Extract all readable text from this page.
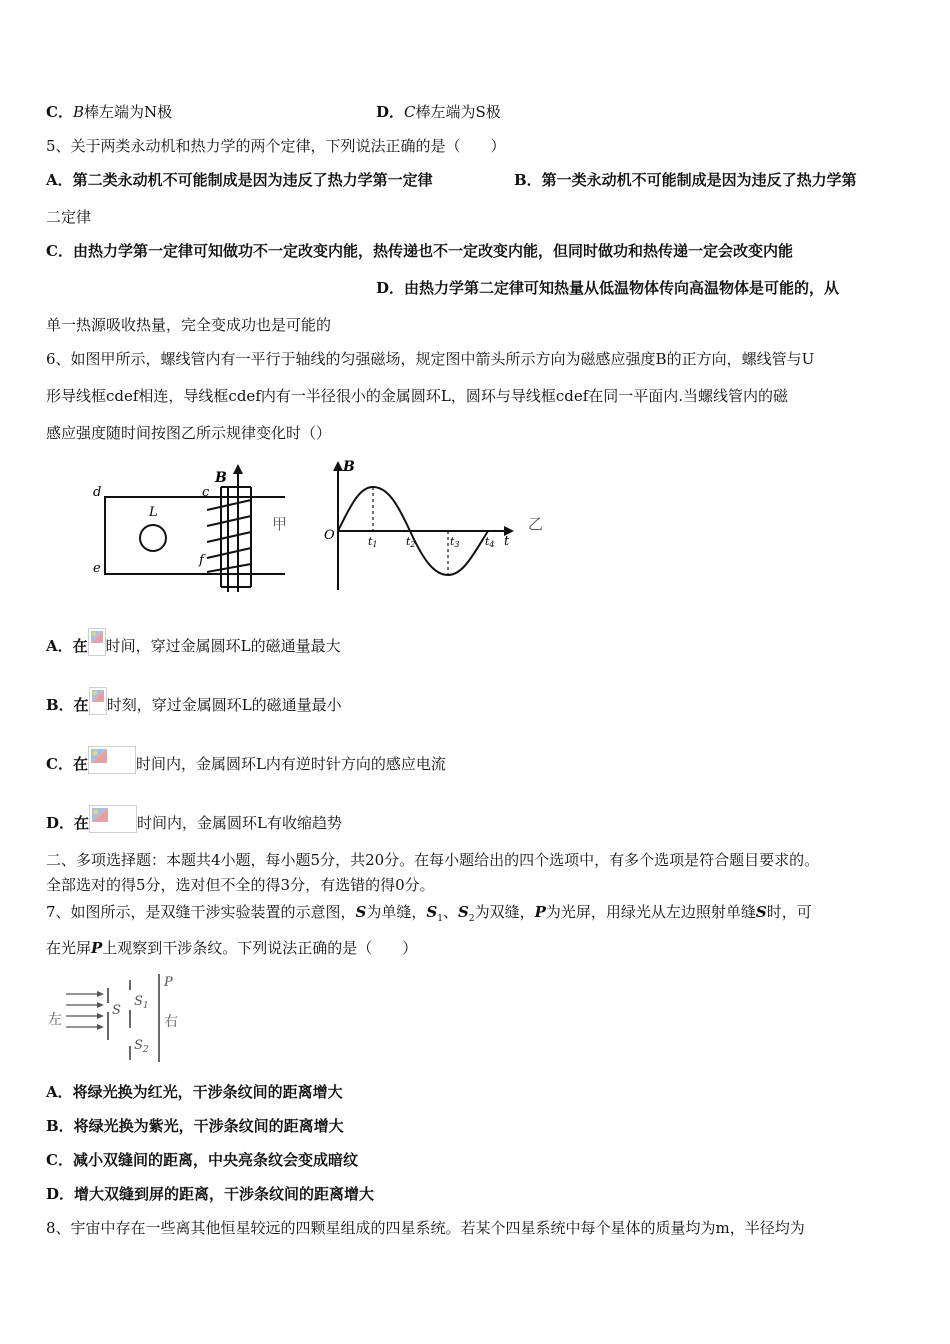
C．B棒左端为Ν极	D．C棒左端为S极
5、关于两类永动机和热力学的两个定律，下列说法正确的是（　　）
A．第二类永动机不可能制成是因为违反了热力学第一定律	B．第一类永动机不可能制成是因为违反了热力学第
二定律
C．由热力学第一定律可知做功不一定改变内能，热传递也不一定改变内能，但同时做功和热传递一定会改变内能
D．由热力学第二定律可知热量从低温物体传向高温物体是可能的，从
单一热源吸收热量，完全变成功也是可能的
6、如图甲所示，螺线管内有一平行于轴线的匀强磁场，规定图中箭头所示方向为磁感应强度B的正方向，螺线管与U
形导线框cdef相连，导线框cdef内有一半径很小的金属圆环L，圆环与导线框cdef在同一平面内.当螺线管内的磁
感应强度随时间按图乙所示规律变化时（）
d	c
e
f
L
B
甲
B
O	t
t1	t2	t3 t4
乙
A．在 时间，穿过金属圆环L的磁通量最大
B．在 时刻，穿过金属圆环L的磁通量最小
C．在	时间内，金属圆环L内有逆时针方向的感应电流
D．在	时间内，金属圆环L有收缩趋势
二、多项选择题：本题共4小题，每小题5分，共20分。在每小题给出的四个选项中，有多个选项是符合题目要求的。
全部选对的得5分，选对但不全的得3分，有选错的得0分。
7、如图所示，是双缝干涉实验装置的示意图，S为单缝，$S_1$、$S_2$为双缝，P为光屏，用绿光从左边照射单缝S时，可
在光屏P上观察到干涉条纹。下列说法正确的是（　　）
左
S
$S_1$
$S_2$
P
右
A．将绿光换为红光，干涉条纹间的距离增大
B．将绿光换为紫光，干涉条纹间的距离增大
C．减小双缝间的距离，中央亮条纹会变成暗纹
D．增大双缝到屏的距离，干涉条纹间的距离增大
8、宇宙中存在一些离其他恒星较远的四颗星组成的四星系统。若某个四星系统中每个星体的质量均为m，半径均为
